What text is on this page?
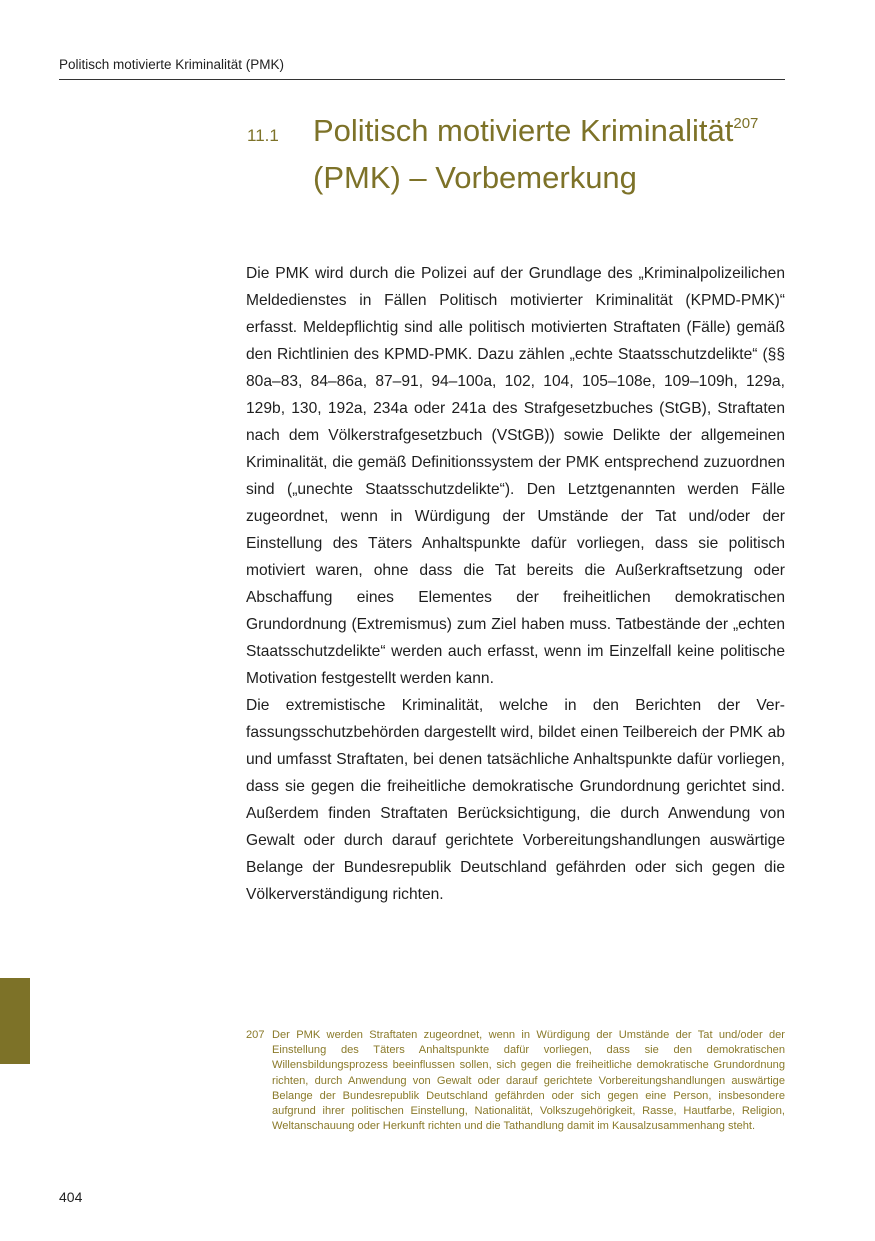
Politisch motivierte Kriminalität (PMK)
11.1 Politisch motivierte Kriminalität$^{207}$ (PMK) – Vorbemerkung

Die PMK wird durch die Polizei auf der Grundlage des „Kriminalpolizeilichen Meldedienstes in Fällen Politisch motivierter Kriminalität (KPMD-PMK)“ erfasst. Meldepflichtig sind alle politisch motivierten Straftaten (Fälle) gemäß den Richtlinien des KPMD-PMK. Dazu zählen „echte Staatsschutzdelikte“ (§§ 80a–83, 84–86a, 87–91, 94–100a, 102, 104, 105–108e, 109–109h, 129a, 129b, 130, 192a, 234a oder 241a des Strafgesetzbuches (StGB), Straftaten nach dem Völkerstrafgesetzbuch (VStGB)) sowie Delikte der allgemeinen Kriminalität, die gemäß Definitionssystem der PMK entsprechend zuzuordnen sind („unechte Staatsschutzdelikte“). Den Letztgenannten werden Fälle zugeordnet, wenn in Würdigung der Umstände der Tat und/​oder der Einstellung des Täters Anhaltspunkte dafür vorliegen, dass sie politisch motiviert waren, ohne dass die Tat bereits die Außerkraftsetzung oder Abschaffung eines Elementes der freiheitlichen demokratischen Grundordnung (Extremismus) zum Ziel haben muss. Tatbestände der „echten Staatsschutzdelikte“ werden auch erfasst, wenn im Einzelfall keine politische Motivation festgestellt werden kann.

Die extremistische Kriminalität, welche in den Berichten der Verfassungsschutzbehörden dargestellt wird, bildet einen Teilbereich der PMK ab und umfasst Straftaten, bei denen tatsächliche Anhaltspunkte dafür vorliegen, dass sie gegen die freiheitliche demokratische Grundordnung gerichtet sind. Außerdem finden Straftaten Berücksichtigung, die durch Anwendung von Gewalt oder durch darauf gerichtete Vorbereitungshandlungen auswärtige Belange der Bundesrepublik Deutschland gefährden oder sich gegen die Völkerverständigung richten.

207 Der PMK werden Straftaten zugeordnet, wenn in Würdigung der Umstände der Tat und/​oder der Einstellung des Täters Anhaltspunkte dafür vorliegen, dass sie den demokratischen Willensbildungsprozess beeinflussen sollen, sich gegen die freiheitliche demokratische Grundordnung richten, durch Anwendung von Gewalt oder darauf gerichtete Vorbereitungshandlungen auswärtige Belange der Bundesrepublik Deutschland gefährden oder sich gegen eine Person, insbesondere aufgrund ihrer politischen Einstellung, Nationalität, Volkszugehörigkeit, Rasse, Hautfarbe, Religion, Weltanschauung oder Herkunft richten und die Tathandlung damit im Kausalzusammenhang steht.
404
